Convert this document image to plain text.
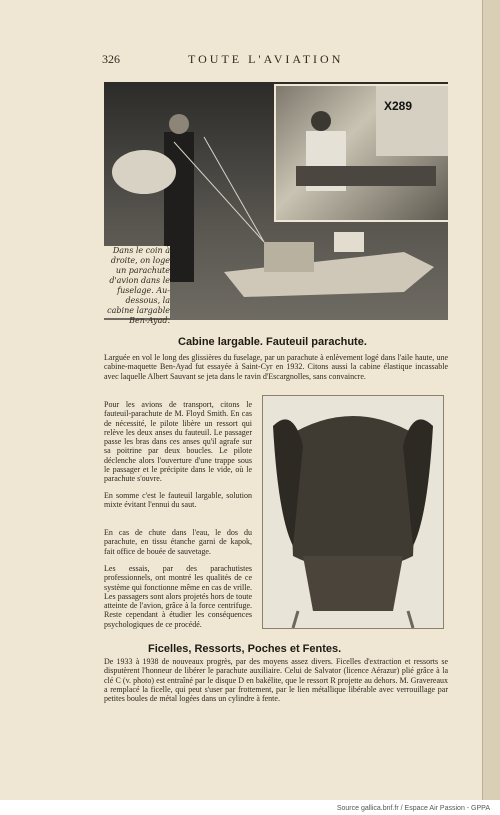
326	TOUTE L'AVIATION
X289

Dans le coin à droite, on loge un parachute d'avion dans le fuselage. Au-dessous, la cabine largable Ben-Ayad.

Cabine largable. Fauteuil parachute.

Larguée en vol le long des glissières du fuselage, par un parachute à enlèvement logé dans l'aile haute, une cabine-maquette Ben-Ayad fut essayée à Saint-Cyr en 1932. Citons aussi la cabine élastique incassable avec laquelle Albert Sauvant se jeta dans le ravin d'Escargnolles, sans convaincre.

Pour les avions de transport, citons le fauteuil-parachute de M. Floyd Smith. En cas de nécessité, le pilote libère un ressort qui relève les deux anses du fauteuil. Le passager passe les bras dans ces anses qu'il agrafe sur sa poitrine par deux boucles. Le pilote déclenche alors l'ouverture d'une trappe sous le passager et le précipite dans le vide, où le parachute s'ouvre.

En somme c'est le fauteuil largable, solution mixte évitant l'ennui du saut.

En cas de chute dans l'eau, le dos du parachute, en tissu étanche garni de kapok, fait office de bouée de sauvetage.

Les essais, par des parachutistes professionnels, ont montré les qualités de ce système qui fonctionne même en cas de vrille. Les passagers sont alors projetés hors de toute atteinte de l'avion, grâce à la force centrifuge. Reste cependant à étudier les conséquences psychologiques de ce procédé.

Ficelles, Ressorts, Poches et Fentes.

De 1933 à 1938 de nouveaux progrès, par des moyens assez divers. Ficelles d'extraction et ressorts se disputèrent l'honneur de libérer le parachute auxiliaire. Celui de Salvator (licence Aérazur) plié grâce à la clé C (v. photo) est entraîné par le disque D en bakélite, que le ressort R projette au dehors. M. Gravereaux a remplacé la ficelle, qui peut s'user par frottement, par le lien métallique libérable avec verrouillage par petites boules de métal logées dans un cylindre à fente.

Source gallica.bnf.fr / Espace Air Passion - GPPA
